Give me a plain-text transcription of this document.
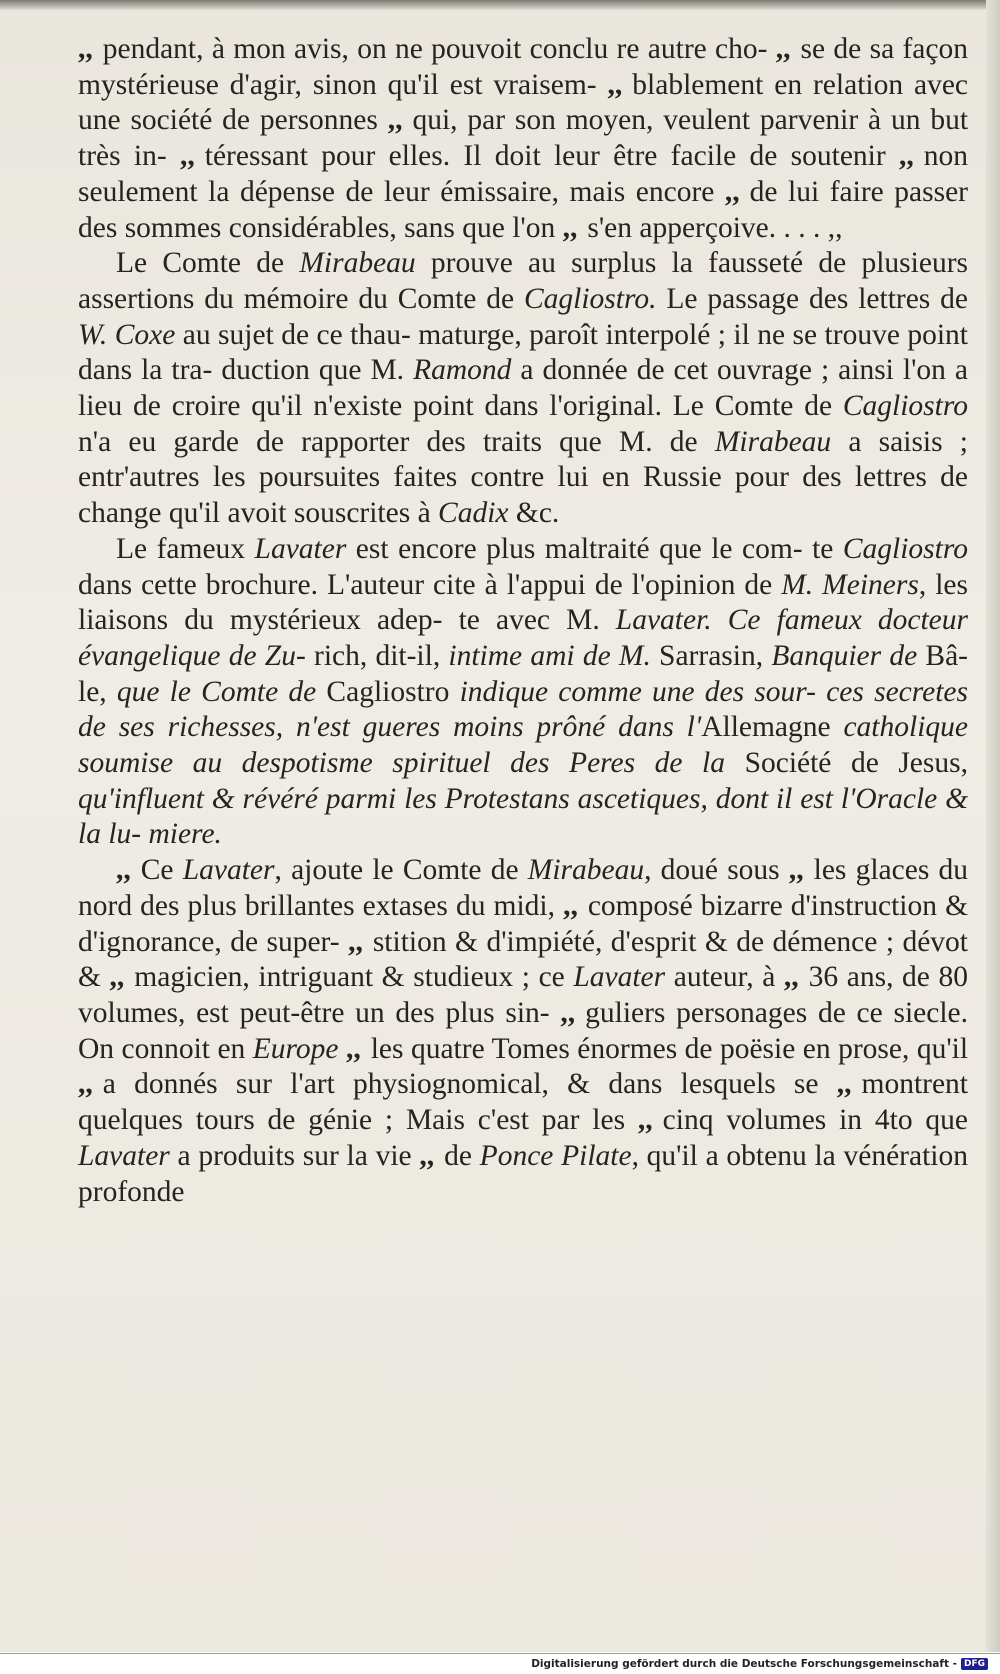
,, pendant, à mon avis, on ne pouvoit conclu re autre cho- ,, se de sa façon mystérieuse d'agir, sinon qu'il est vraisem- ,, blablement en relation avec une société de personnes ,, qui, par son moyen, veulent parvenir à un but très in- ,, téressant pour elles. Il doit leur être facile de soutenir ,, non seulement la dépense de leur émissaire, mais encore ,, de lui faire passer des sommes considérables, sans que l'on ,, s'en apperçoive. . . . ,,

Le Comte de Mirabeau prouve au surplus la fausseté de plusieurs assertions du mémoire du Comte de Cagliostro. Le passage des lettres de W. Coxe au sujet de ce thau- maturge, paroît interpolé ; il ne se trouve point dans la tra- duction que M. Ramond a donnée de cet ouvrage ; ainsi l'on a lieu de croire qu'il n'existe point dans l'original. Le Comte de Cagliostro n'a eu garde de rapporter des traits que M. de Mirabeau a saisis ; entr'autres les poursuites faites contre lui en Russie pour des lettres de change qu'il avoit souscrites à Cadix &c.

Le fameux Lavater est encore plus maltraité que le com- te Cagliostro dans cette brochure. L'auteur cite à l'appui de l'opinion de M. Meiners, les liaisons du mystérieux adep- te avec M. Lavater. Ce fameux docteur évangelique de Zu- rich, dit-il, intime ami de M. Sarrasin, Banquier de Bâ- le, que le Comte de Cagliostro indique comme une des sour- ces secretes de ses richesses, n'est gueres moins prôné dans l'Allemagne catholique soumise au despotisme spirituel des Peres de la Société de Jesus, qu'influent & révéré parmi les Protestans ascetiques, dont il est l'Oracle & la lu- miere.

,, Ce Lavater, ajoute le Comte de Mirabeau, doué sous ,, les glaces du nord des plus brillantes extases du midi, ,, composé bizarre d'instruction & d'ignorance, de super- ,, stition & d'impiété, d'esprit & de démence ; dévot & ,, magicien, intriguant & studieux ; ce Lavater auteur, à ,, 36 ans, de 80 volumes, est peut-être un des plus sin- ,, guliers personages de ce siecle. On connoit en Europe ,, les quatre Tomes énormes de poësie en prose, qu'il ,, a donnés sur l'art physiognomical, & dans lesquels se ,, montrent quelques tours de génie ; Mais c'est par les ,, cinq volumes in 4to que Lavater a produits sur la vie ,, de Ponce Pilate, qu'il a obtenu la vénération profonde

Digitalisierung gefördert durch die Deutsche Forschungsgemeinschaft - DFG
